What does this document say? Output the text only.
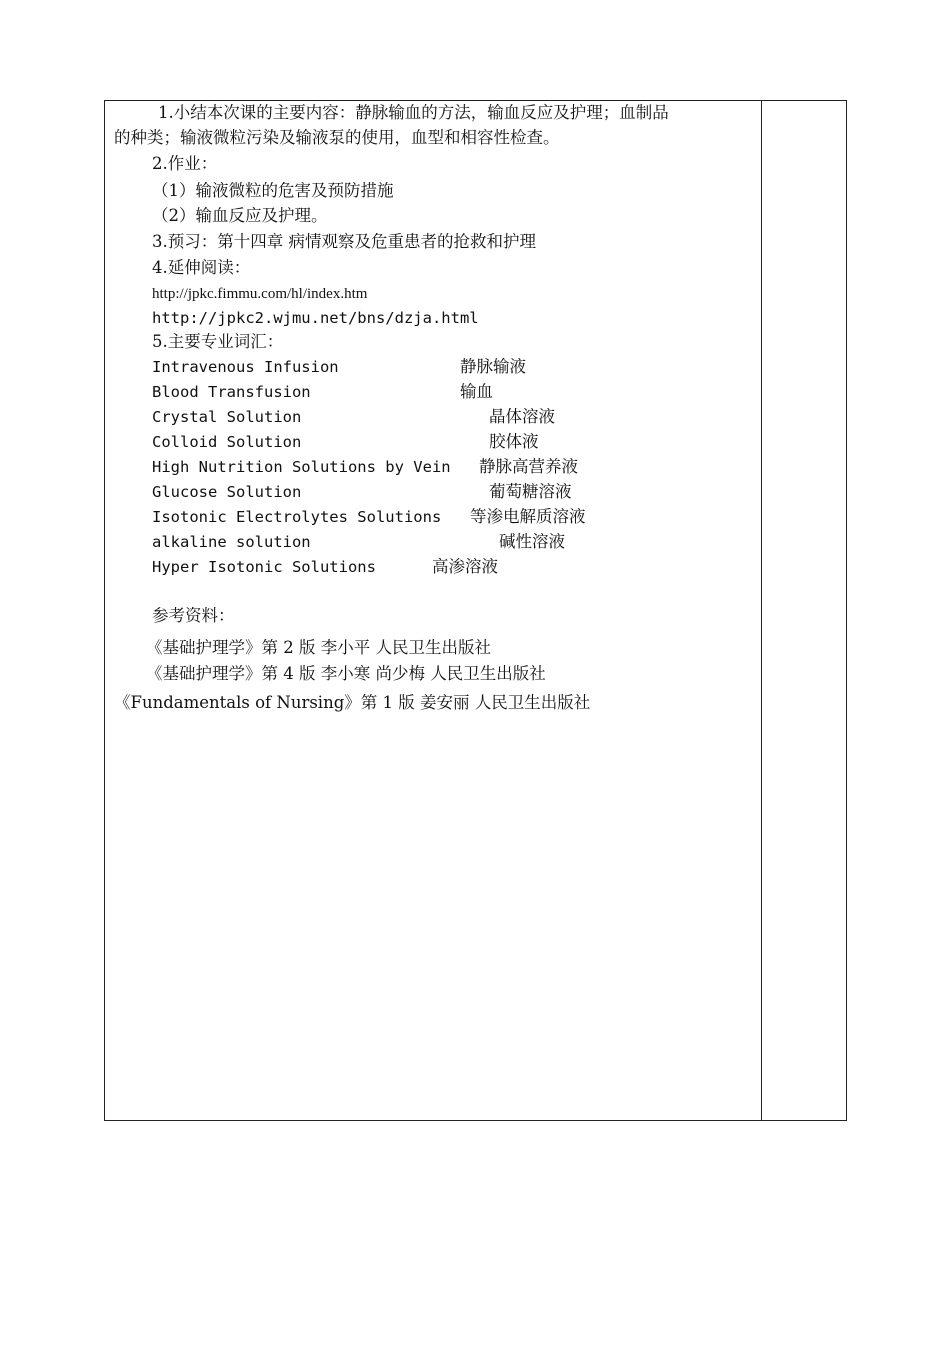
1.小结本次课的主要内容：静脉输血的方法，输血反应及护理；血制品
的种类；输液微粒污染及输液泵的使用，血型和相容性检查。
2.作业：
（1）输液微粒的危害及预防措施
（2）输血反应及护理。
3.预习：第十四章 病情观察及危重患者的抢救和护理
4.延伸阅读：
http://jpkc.fimmu.com/hl/index.htm
http://jpkc2.wjmu.net/bns/dzja.html
5.主要专业词汇：
Intravenous Infusion	静脉输液
Blood Transfusion	输血
Crystal Solution	晶体溶液
Colloid Solution	胶体液
High Nutrition Solutions by Vein 静脉高营养液
Glucose Solution	葡萄糖溶液
Isotonic Electrolytes Solutions 等渗电解质溶液
alkaline solution	碱性溶液
Hyper Isotonic Solutions	高渗溶液
参考资料：
《基础护理学》第 2 版 李小平 人民卫生出版社
《基础护理学》第 4 版 李小寒 尚少梅 人民卫生出版社
《Fundamentals of Nursing》第 1 版 姜安丽 人民卫生出版社
